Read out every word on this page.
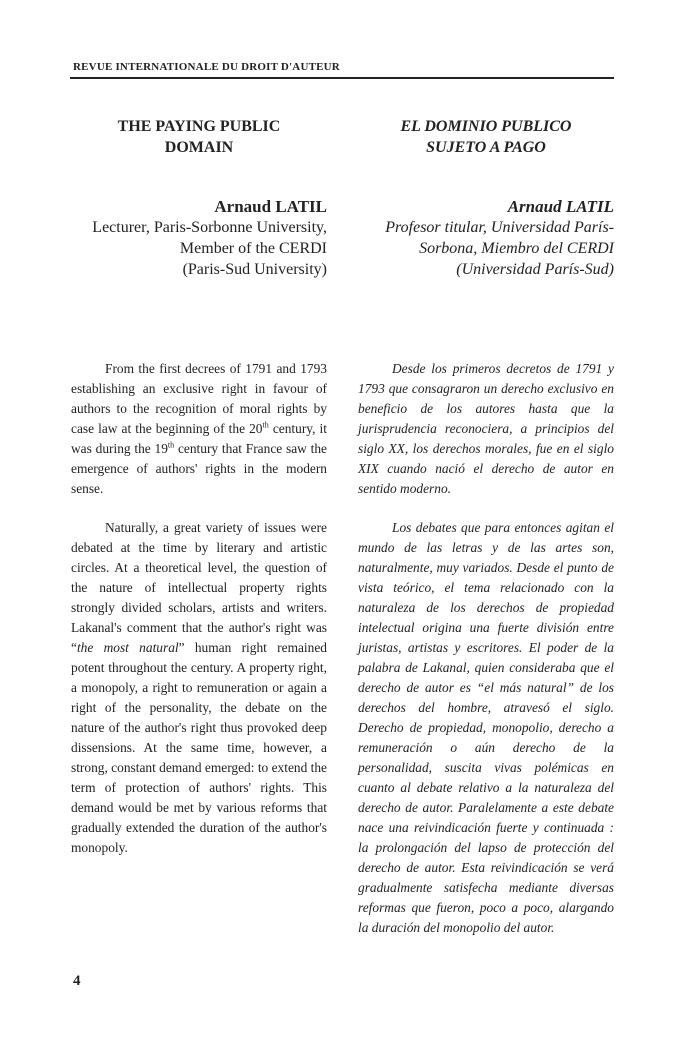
REVUE INTERNATIONALE DU DROIT D'AUTEUR
THE PAYING PUBLIC
DOMAIN
EL DOMINIO PUBLICO
SUJETO A PAGO
Arnaud LATIL
Lecturer, Paris-Sorbonne University,
Member of the CERDI
(Paris-Sud University)
Arnaud LATIL
Profesor titular, Universidad París-
Sorbona, Miembro del CERDI
(Universidad París-Sud)
From the first decrees of 1791 and 1793 establishing an exclusive right in favour of authors to the recognition of moral rights by case law at the beginning of the 20th century, it was during the 19th century that France saw the emergence of authors' rights in the modern sense.
Desde los primeros decretos de 1791 y 1793 que consagraron un derecho exclusivo en beneficio de los autores hasta que la jurisprudencia reconociera, a principios del siglo XX, los derechos morales, fue en el siglo XIX cuando nació el derecho de autor en sentido moderno.
Naturally, a great variety of issues were debated at the time by literary and artistic circles. At a theoretical level, the question of the nature of intellectual property rights strongly divided scholars, artists and writers. Lakanal's comment that the author's right was “the most natural” human right remained potent throughout the century. A property right, a monopoly, a right to remuneration or again a right of the personality, the debate on the nature of the author's right thus provoked deep dissensions. At the same time, however, a strong, constant demand emerged: to extend the term of protection of authors' rights. This demand would be met by various reforms that gradually extended the duration of the author's monopoly.
Los debates que para entonces agitan el mundo de las letras y de las artes son, naturalmente, muy variados. Desde el punto de vista teórico, el tema relacionado con la naturaleza de los derechos de propiedad intelectual origina una fuerte división entre juristas, artistas y escritores. El poder de la palabra de Lakanal, quien consideraba que el derecho de autor es “el más natural” de los derechos del hombre, atravesó el siglo. Derecho de propiedad, monopolio, derecho a remuneración o aún derecho de la personalidad, suscita vivas polémicas en cuanto al debate relativo a la naturaleza del derecho de autor. Paralelamente a este debate nace una reivindicación fuerte y continuada : la prolongación del lapso de protección del derecho de autor. Esta reivindicación se verá gradualmente satisfecha mediante diversas reformas que fueron, poco a poco, alargando la duración del monopolio del autor.
4
